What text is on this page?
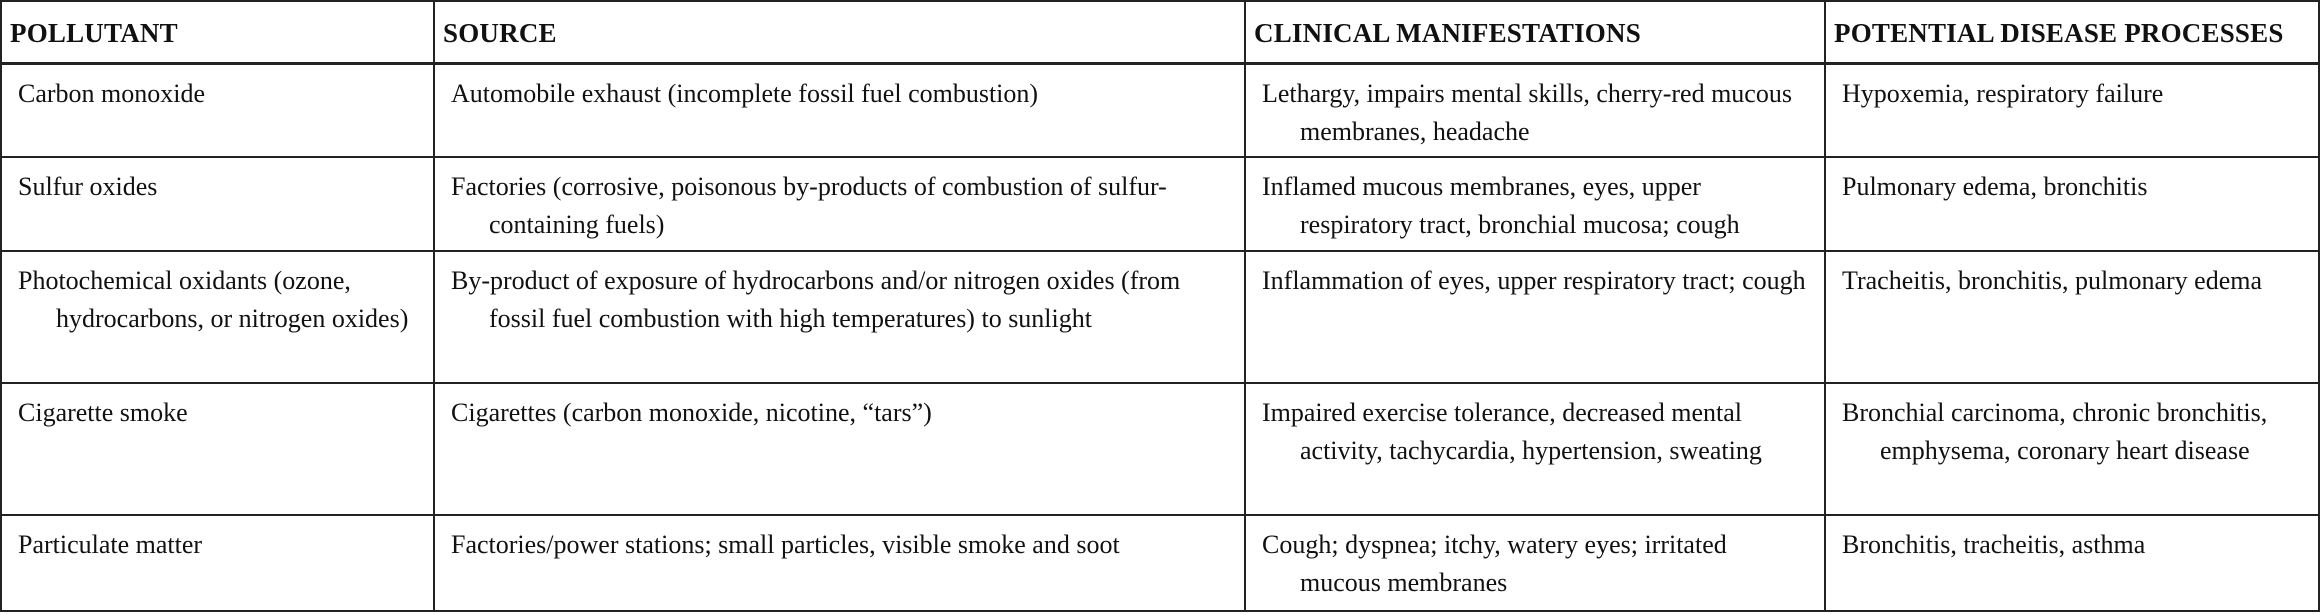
POLLUTANT	SOURCE	CLINICAL MANIFESTATIONS	POTENTIAL DISEASE PROCESSES

Carbon monoxide	Automobile exhaust (incomplete fossil fuel combustion)	Lethargy, impairs mental skills, cherry-red mucous membranes, headache	Hypoxemia, respiratory failure

Sulfur oxides	Factories (corrosive, poisonous by-products of combustion of sulfur-containing fuels)	Inflamed mucous membranes, eyes, upper respiratory tract, bronchial mucosa; cough	Pulmonary edema, bronchitis

Photochemical oxidants (ozone, hydrocarbons, or nitrogen oxides)	By-product of exposure of hydrocarbons and/or nitrogen oxides (from fossil fuel combustion with high temperatures) to sunlight	Inflammation of eyes, upper respiratory tract; cough	Tracheitis, bronchitis, pulmonary edema

Cigarette smoke	Cigarettes (carbon monoxide, nicotine, “tars”)	Impaired exercise tolerance, decreased mental activity, tachycardia, hypertension, sweating	Bronchial carcinoma, chronic bronchitis, emphysema, coronary heart disease

Particulate matter	Factories/power stations; small particles, visible smoke and soot	Cough; dyspnea; itchy, watery eyes; irritated mucous membranes	Bronchitis, tracheitis, asthma
